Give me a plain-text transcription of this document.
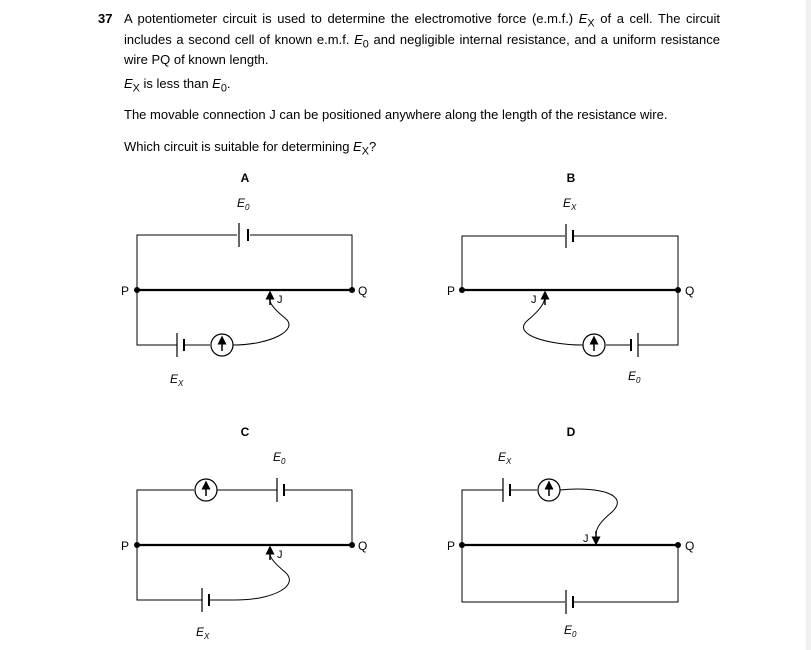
37 A potentiometer circuit is used to determine the electromotive force (e.m.f.) $E_X$ of a cell. The circuit includes a second cell of known e.m.f. $E_0$ and negligible internal resistance, and a uniform resistance wire PQ of known length.
$E_X$ is less than $E_0$.
The movable connection J can be positioned anywhere along the length of the resistance wire.
Which circuit is suitable for determining $E_X$?
A
$E_0$
P	Q
J
$E_X$
B
$E_X$
P	Q
J
$E_0$
C
$E_0$
P	Q
J
$E_X$
D
$E_X$
J
P	Q
$E_0$
